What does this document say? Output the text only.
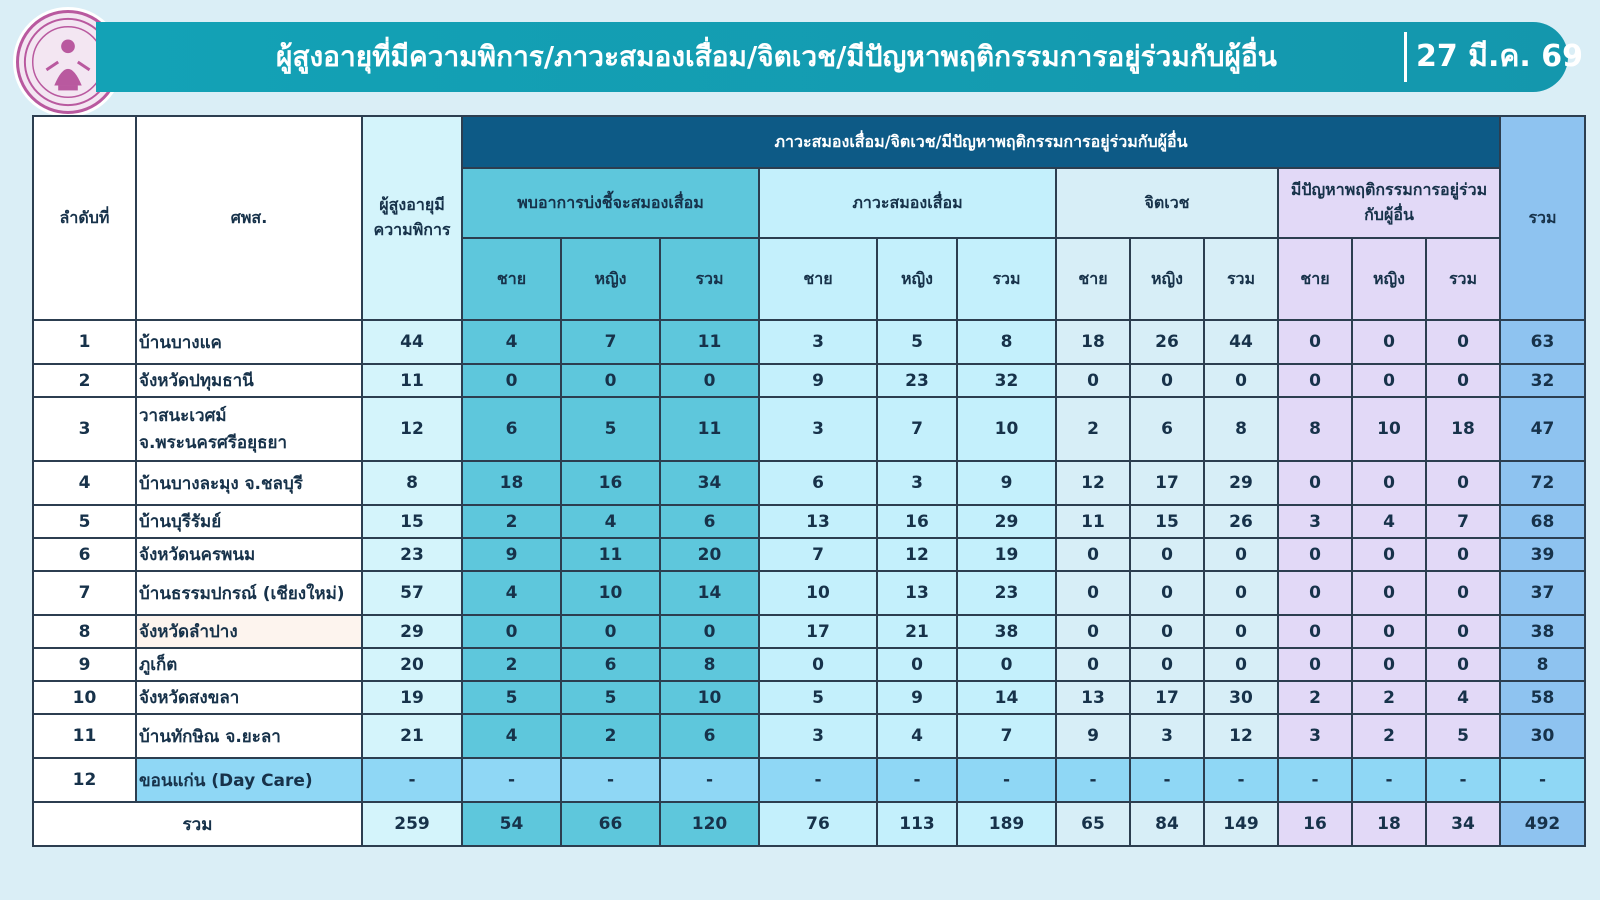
ผู้สูงอายุที่มีความพิการ/ภาวะสมองเสื่อม/จิตเวช/มีปัญหาพฤติกรรมการอยู่ร่วมกับผู้อื่น	27 มี.ค. 69
ลำดับที่	ศพส.	ผู้สูงอายุมีความพิการ	ภาวะสมองเสื่อม/จิตเวช/มีปัญหาพฤติกรรมการอยู่ร่วมกับผู้อื่น												รวม
			พบอาการบ่งชี้จะสมองเสื่อม			ภาวะสมองเสื่อม			จิตเวช			มีปัญหาพฤติกรรมการอยู่ร่วมกับผู้อื่น			
			ชาย	หญิง	รวม	ชาย	หญิง	รวม	ชาย	หญิง	รวม	ชาย	หญิง	รวม	
1	บ้านบางแค	44	4	7	11	3	5	8	18	26	44	0	0	0	63
2	จังหวัดปทุมธานี	11	0	0	0	9	23	32	0	0	0	0	0	0	32
3	วาสนะเวศม์ จ.พระนครศรีอยุธยา	12	6	5	11	3	7	10	2	6	8	8	10	18	47
4	บ้านบางละมุง จ.ชลบุรี	8	18	16	34	6	3	9	12	17	29	0	0	0	72
5	บ้านบุรีรัมย์	15	2	4	6	13	16	29	11	15	26	3	4	7	68
6	จังหวัดนครพนม	23	9	11	20	7	12	19	0	0	0	0	0	0	39
7	บ้านธรรมปกรณ์ (เชียงใหม่)	57	4	10	14	10	13	23	0	0	0	0	0	0	37
8	จังหวัดลำปาง	29	0	0	0	17	21	38	0	0	0	0	0	0	38
9	ภูเก็ต	20	2	6	8	0	0	0	0	0	0	0	0	0	8
10	จังหวัดสงขลา	19	5	5	10	5	9	14	13	17	30	2	2	4	58
11	บ้านทักษิณ จ.ยะลา	21	4	2	6	3	4	7	9	3	12	3	2	5	30
12	ขอนแก่น (Day Care)	-	-	-	-	-	-	-	-	-	-	-	-	-	-
รวม		259	54	66	120	76	113	189	65	84	149	16	18	34	492
